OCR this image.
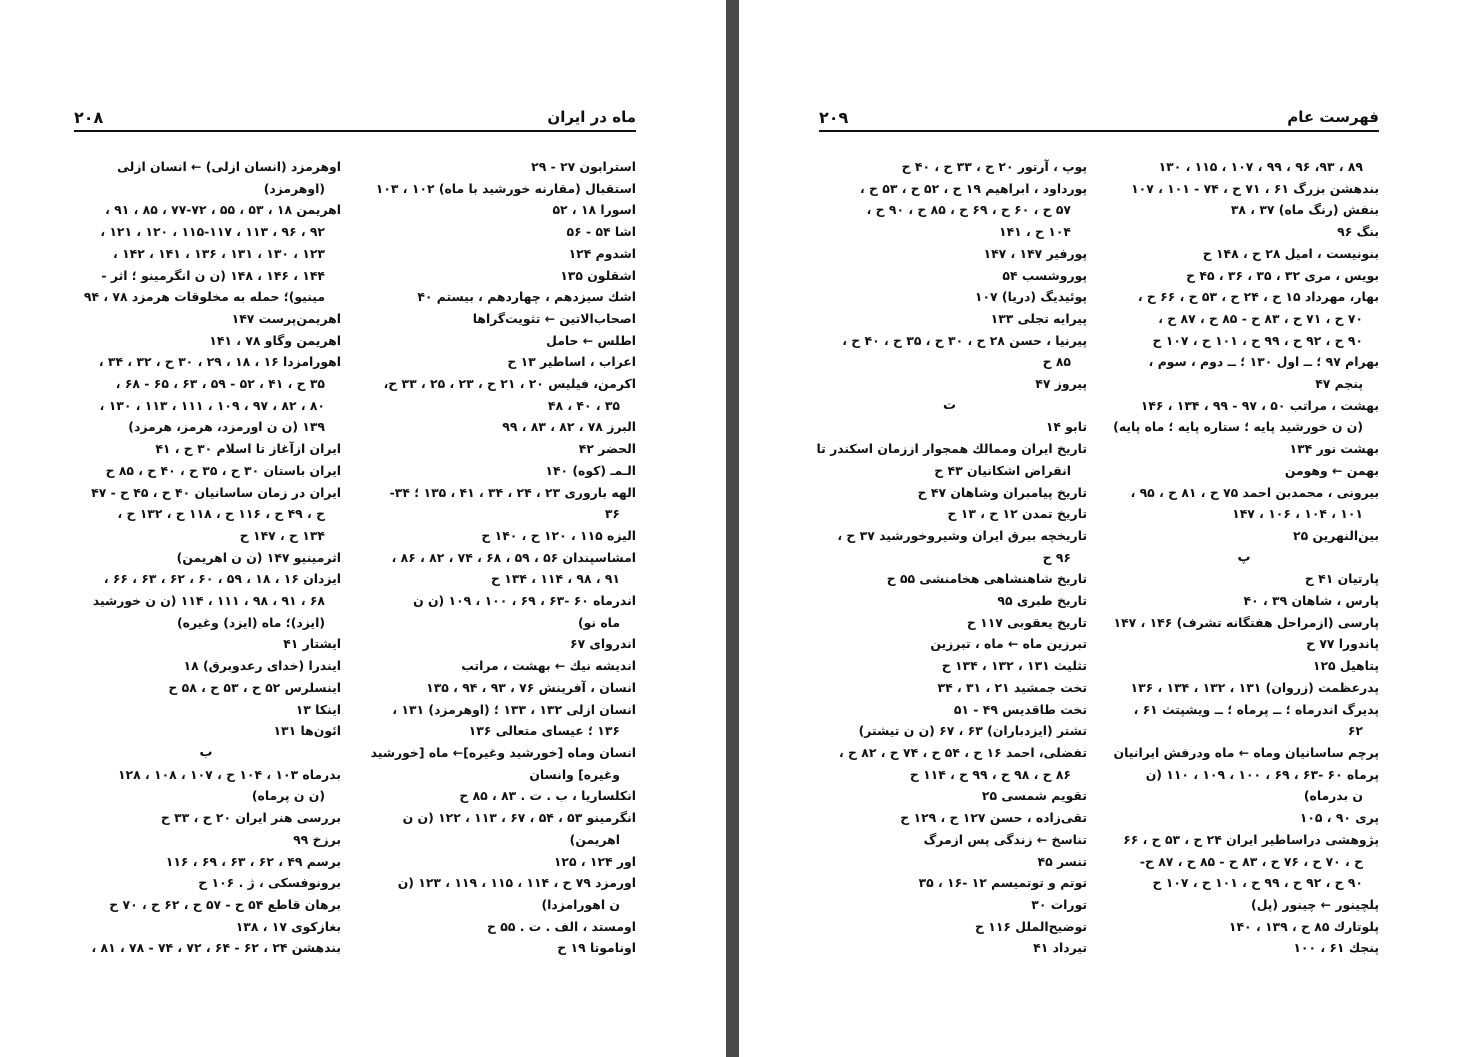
۲۰۸	ماه در ایران
استرابون ۲۷ - ۲۹
استقبال (مقارنه خورشید با ماه) ۱۰۲ ، ۱۰۳
اسورا ۱۸ ، ۵۲
اشا ۵۴ - ۵۶
اشدوم ۱۲۴
اشقلون ۱۳۵
اشك سیزدهم ، چهاردهم ، بیستم ۴۰
اصحاب‌الاتین ← تثویت‌گراها
اطلس ← حامل
اعراب ، اساطیر ۱۳ ح
اکرمن، فیلیس ۲۰ ، ۲۱ ح ، ۲۳ ، ۲۵ ، ۳۳ ح،
۳۵ ، ۴۰ ، ۴۸
البرز ۷۸ ، ۸۲ ، ۸۳ ، ۹۹
الحضر ۴۲
الـمـ (کوه) ۱۴۰
الهه باروری ۲۳ ، ۲۴ ، ۳۴ ، ۴۱ ، ۱۳۵ ؛ ۳۴-
۳۶
الیزه ۱۱۵ ، ۱۲۰ ح ، ۱۴۰ ح
امشاسپندان ۵۶ ، ۵۹ ، ۶۸ ، ۷۴ ، ۸۲ ، ۸۶ ،
۹۱ ، ۹۸ ، ۱۱۴ ، ۱۳۴ ح
اندرماه ۶۰ -۶۳ ، ۶۹ ، ۱۰۰ ، ۱۰۹ (ن ن
ماه نو)
اندروای ۶۷
اندیشه نیك ← بهشت ، مراتب
انسان ، آفرینش ۷۶ ، ۹۳ ، ۹۴ ، ۱۳۵
انسان ازلی ۱۳۲ ، ۱۳۳ ؛ (اوهرمزد) ۱۳۱ ،
۱۳۶ ؛ عیسای متعالی ۱۳۶
انسان وماه [خورشید وغیره]← ماه [خورشید
وغیره] وانسان
انکلساریا ، ب . ت . ۸۳ ، ۸۵ ح
انگرمینو ۵۳ ، ۵۴ ، ۶۷ ، ۱۱۳ ، ۱۲۲ (ن ن
اهریمن)
اور ۱۲۴ ، ۱۲۵
اورمزد ۷۹ ح ، ۱۱۴ ، ۱۱۵ ، ۱۱۹ ، ۱۲۳ (ن
ن اهورامزدا)
اومستد ، الف . ت . ۵۵ ح
اوناموتا ۱۹ ح
اوهرمزد (انسان ازلی) ← انسان ازلی
(اوهرمزد)
اهریمن ۱۸ ، ۵۳ ، ۵۵ ، ۷۲-۷۷ ، ۸۵ ، ۹۱ ،
۹۲ ، ۹۶ ، ۱۱۳ ، ۱۱۵-۱۱۷ ، ۱۲۰ ، ۱۲۱ ،
۱۲۳ ، ۱۳۰ ، ۱۳۱ ، ۱۳۶ ، ۱۴۱ ، ۱۴۲ ،
۱۴۴ ، ۱۴۶ ، ۱۴۸ (ن ن انگرمینو ؛ اثر -
مینیو)؛ حمله به مخلوقات هرمزد ۷۸ ، ۹۴
اهریمن‌پرست ۱۴۷
اهریمن وگاو ۷۸ ، ۱۴۱
اهورامزدا ۱۶ ، ۱۸ ، ۲۹ ، ۳۰ ح ، ۳۲ ، ۳۴ ،
۳۵ ح ، ۴۱ ، ۵۲ - ۵۹ ، ۶۳ ، ۶۵ - ۶۸ ،
۸۰ ، ۸۲ ، ۹۷ ، ۱۰۹ ، ۱۱۱ ، ۱۱۳ ، ۱۳۰ ،
۱۳۹ (ن ن اورمزد، هرمز، هرمزد)
ایران ازآغاز تا اسلام ۳۰ ح ، ۴۱
ایران باستان ۳۰ ح ، ۳۵ ح ، ۴۰ ح ، ۸۵ ح
ایران در زمان ساسانیان ۴۰ ح ، ۴۵ ح - ۴۷
ح ، ۴۹ ح ، ۱۱۶ ح ، ۱۱۸ ح ، ۱۳۲ ح ،
۱۳۴ ح ، ۱۴۷ ح
اثرمینیو ۱۴۷ (ن ن اهریمن)
ایزدان ۱۶ ، ۱۸ ، ۵۹ ، ۶۰ ، ۶۲ ، ۶۳ ، ۶۶ ،
۶۸ ، ۹۱ ، ۹۸ ، ۱۱۱ ، ۱۱۴ (ن ن خورشید
(ایزد)؛ ماه (ایزد) وغیره)
ایشتار ۴۱
ایندرا (خدای رعدوبرق) ۱۸
اینسلرس ۵۲ ح ، ۵۳ ح ، ۵۸ ح
اینکا ۱۳
ائون‌ها ۱۳۱
ب
بدرماه ۱۰۳ ، ۱۰۴ ح ، ۱۰۷ ، ۱۰۸ ، ۱۲۸
(ن ن پرماه)
بررسی هنر ایران ۲۰ ح ، ۳۳ ح
برزخ ۹۹
برسم ۴۹ ، ۶۲ ، ۶۳ ، ۶۹ ، ۱۱۶
برونوفسکی ، ژ . ۱۰۶ ح
برهان قاطع ۵۴ ح - ۵۷ ح ، ۶۲ ح ، ۷۰ ح
بغازکوی ۱۷ ، ۱۳۸
بندهشن ۲۴ ، ۶۲ - ۶۴ ، ۷۲ ، ۷۴ - ۷۸ ، ۸۱ ،
۲۰۹	فهرست عام
۸۹ ، ۹۳، ۹۶ ، ۹۹ ، ۱۰۷ ، ۱۱۵ ، ۱۳۰
بندهشن بزرگ ۶۱ ، ۷۱ ح ، ۷۴ - ۱۰۱ ، ۱۰۷
بنفش (رنگ ماه) ۳۷ ، ۳۸
بنگ ۹۶
بنونیست ، امیل ۲۸ ح ، ۱۴۸ ح
بویس ، مری ۳۲ ، ۳۵ ، ۳۶ ، ۴۵ ح
بهار، مهرداد ۱۵ ح ، ۲۴ ح ، ۵۳ ح ، ۶۶ ح ،
۷۰ ح ، ۷۱ ح ، ۸۳ ح - ۸۵ ح ، ۸۷ ح ،
۹۰ ح ، ۹۲ ح ، ۹۹ ح ، ۱۰۱ ح ، ۱۰۷ ح
بهرام ۹۷ ؛ ــ اول ۱۳۰ ؛ ــ دوم ، سوم ،
پنجم ۴۷
بهشت ، مراتب ۵۰ ، ۹۷ - ۹۹ ، ۱۳۴ ، ۱۴۶
(ن ن خورشید پایه ؛ ستاره پایه ؛ ماه پایه)
بهشت نور ۱۳۴
بهمن ← وهومن
بیرونی ، محمدبن احمد ۷۵ ح ، ۸۱ ح ، ۹۵ ،
۱۰۱ ، ۱۰۴ ، ۱۰۶ ، ۱۴۷
بین‌النهرین ۲۵
پ
پارتیان ۴۱ ح
پارس ، شاهان ۳۹ ، ۴۰
پارسی (ازمراحل هفتگانه تشرف) ۱۴۶ ، ۱۴۷
پاندورا ۷۷ ح
پتاهیل ۱۲۵
پدرعظمت (زروان) ۱۳۱ ، ۱۳۲ ، ۱۳۴ ، ۱۳۶
پدیرگ اندرماه ؛ ــ پرماه ؛ ــ ویشپتث ۶۱ ،
۶۲
پرچم ساسانیان وماه ← ماه ودرفش ایرانیان
پرماه ۶۰ -۶۳ ، ۶۹ ، ۱۰۰ ، ۱۰۹ ، ۱۱۰ (ن
ن بدرماه)
پری ۹۰ ، ۱۰۵
پژوهشی دراساطیر ایران ۲۴ ح ، ۵۳ ح ، ۶۶
ح ، ۷۰ ح ، ۷۶ ح ، ۸۳ ح - ۸۵ ح ، ۸۷ ح-
۹۰ ح ، ۹۲ ح ، ۹۹ ح ، ۱۰۱ ح ، ۱۰۷ ح
پلچینور ← چینور (پل)
پلوتارك ۸۵ ح ، ۱۳۹ ، ۱۴۰
پنجك ۶۱ ، ۱۰۰
پوپ ، آرتور ۲۰ ح ، ۳۳ ح ، ۴۰ ح
پورداود ، ابراهیم ۱۹ ح ، ۵۲ ح ، ۵۳ ح ،
۵۷ ح ، ۶۰ ح ، ۶۹ ح ، ۸۵ ح ، ۹۰ ح ،
۱۰۴ ح ، ۱۴۱
پورفیر ۱۴۷ ، ۱۴۷
پوروشسب ۵۴
پوئیدیگ (دریا) ۱۰۷
پیرایه تجلی ۱۳۳
پیرنیا ، حسن ۲۸ ح ، ۳۰ ح ، ۳۵ ح ، ۴۰ ح ،
۸۵ ح
پیروز ۴۷
ت
تابو ۱۴
تاریخ ایران وممالك همجوار اززمان اسکندر تا
انقراض اشکانیان ۴۳ ح
تاریخ پیامبران وشاهان ۴۷ ح
تاریخ تمدن ۱۲ ح ، ۱۳ ح
تاریخچه بیرق ایران وشیروخورشید ۳۷ ح ،
۹۶ ح
تاریخ شاهنشاهی هخامنشی ۵۵ ح
تاریخ طبری ۹۵
تاریخ یعقوبی ۱۱۷ ح
تبرزین ماه ← ماه ، تبرزین
تثلیث ۱۳۱ ، ۱۳۲ ، ۱۳۴ ح
تخت جمشید ۲۱ ، ۳۱ ، ۳۴
تخت طاقدیس ۴۹ - ۵۱
تشتر (ایزدباران) ۶۳ ، ۶۷ (ن ن تیشتر)
تفضلی، احمد ۱۶ ح ، ۵۴ ح ، ۷۴ ح ، ۸۲ ح ،
۸۶ ح ، ۹۸ ح ، ۹۹ ح ، ۱۱۴ ح
تقویم شمسی ۲۵
تقی‌زاده ، حسن ۱۲۷ ح ، ۱۲۹ ح
تناسخ ← زندگی پس ازمرگ
تنسر ۴۵
توتم و توتمیسم ۱۲ -۱۶ ، ۳۵
تورات ۳۰
توضیح‌الملل ۱۱۶ ح
تیرداد ۴۱
